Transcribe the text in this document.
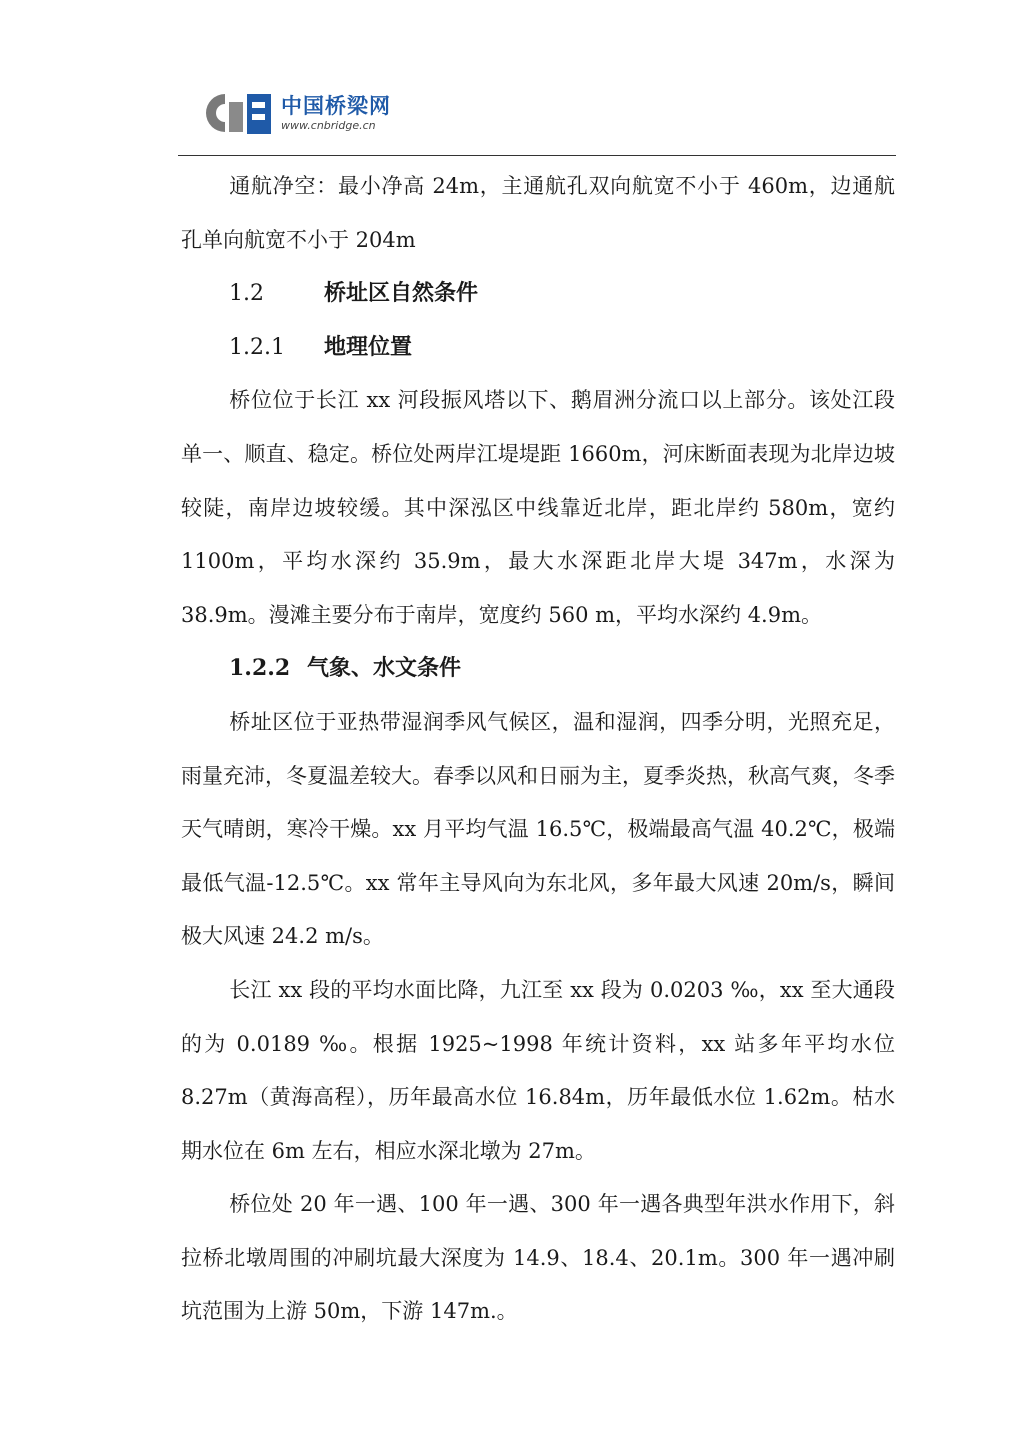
中国桥梁网
www.cnbridge.cn

通航净空：最小净高 24m，主通航孔双向航宽不小于 460m，边通航孔单向航宽不小于 204m

1.2	桥址区自然条件
1.2.1 地理位置

桥位位于长江 xx 河段振风塔以下、鹅眉洲分流口以上部分。该处江段单一、顺直、稳定。桥位处两岸江堤堤距 1660m，河床断面表现为北岸边坡较陡，南岸边坡较缓。其中深泓区中线靠近北岸，距北岸约 580m，宽约 1100m，平均水深约 35.9m，最大水深距北岸大堤 347m，水深为 38.9m。漫滩主要分布于南岸，宽度约 560 m，平均水深约 4.9m。

1.2.2 气象、水文条件

桥址区位于亚热带湿润季风气候区，温和湿润，四季分明，光照充足，雨量充沛，冬夏温差较大。春季以风和日丽为主，夏季炎热，秋高气爽，冬季天气晴朗，寒冷干燥。xx 月平均气温 16.5℃，极端最高气温 40.2℃，极端最低气温-12.5℃。xx 常年主导风向为东北风，多年最大风速 20m/s，瞬间极大风速 24.2 m/s。

长江 xx 段的平均水面比降，九江至 xx 段为 0.0203 ‰，xx 至大通段的为 0.0189 ‰。根据 1925~1998 年统计资料，xx 站多年平均水位 8.27m（黄海高程），历年最高水位 16.84m，历年最低水位 1.62m。枯水期水位在 6m 左右，相应水深北墩为 27m。

桥位处 20 年一遇、100 年一遇、300 年一遇各典型年洪水作用下，斜拉桥北墩周围的冲刷坑最大深度为 14.9、18.4、20.1m。300 年一遇冲刷坑范围为上游 50m，下游 147m.。
